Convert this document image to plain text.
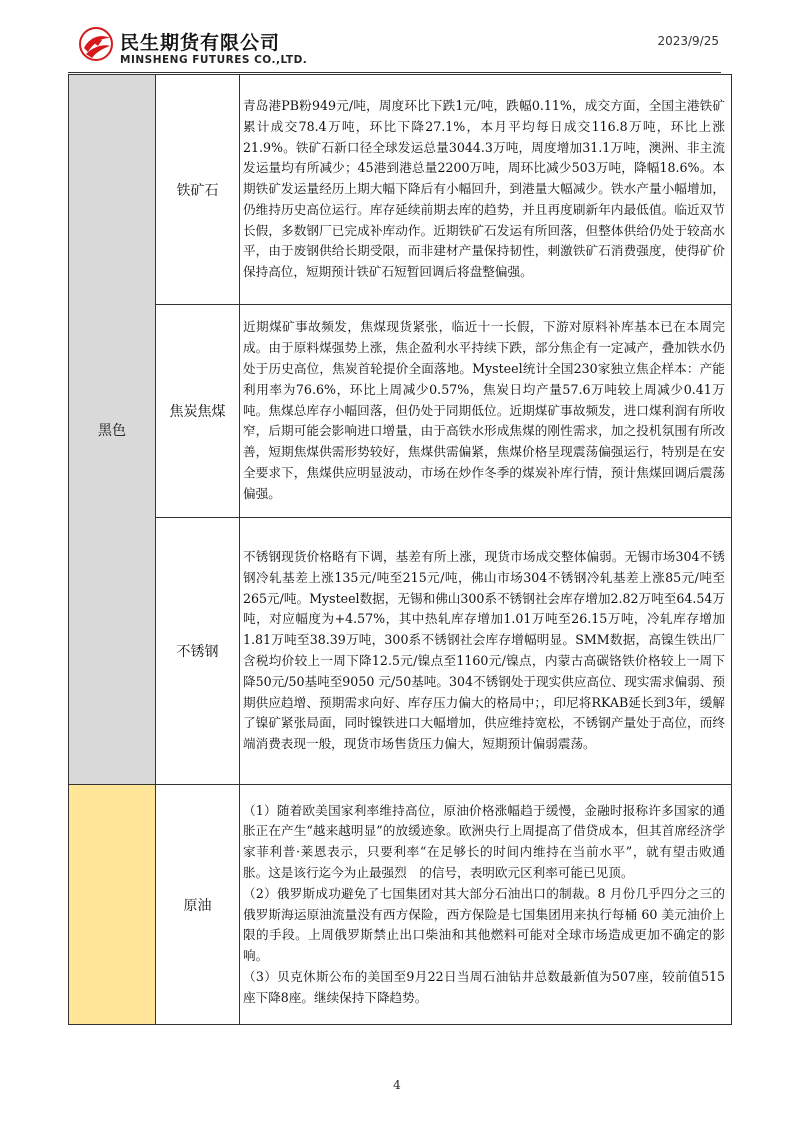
民生期货有限公司
MINSHENG FUTURES CO.,LTD.
2023/9/25
黑色	铁矿石	青岛港PB粉949元/吨，周度环比下跌1元/吨，跌幅0.11%，成交方面，全国主港铁矿累计成交78.4万吨，环比下降27.1%，本月平均每日成交116.8万吨，环比上涨21.9%。铁矿石新口径全球发运总量3044.3万吨，周度增加31.1万吨，澳洲、非主流发运量均有所减少；45港到港总量2200万吨，周环比减少503万吨，降幅18.6%。本期铁矿发运量经历上期大幅下降后有小幅回升，到港量大幅减少。铁水产量小幅增加，仍维持历史高位运行。库存延续前期去库的趋势，并且再度刷新年内最低值。临近双节长假，多数钢厂已完成补库动作。近期铁矿石发运有所回落，但整体供给仍处于较高水平，由于废钢供给长期受限，而非建材产量保持韧性，刺激铁矿石消费强度，使得矿价保持高位，短期预计铁矿石短暂回调后将盘整偏强。

	焦炭焦煤	近期煤矿事故频发，焦煤现货紧张，临近十一长假，下游对原料补库基本已在本周完成。由于原料煤强势上涨，焦企盈利水平持续下跌，部分焦企有一定减产，叠加铁水仍处于历史高位，焦炭首轮提价全面落地。Mysteel统计全国230家独立焦企样本：产能利用率为76.6%，环比上周减少0.57%，焦炭日均产量57.6万吨较上周减少0.41万吨。焦煤总库存小幅回落，但仍处于同期低位。近期煤矿事故频发，进口煤利润有所收窄，后期可能会影响进口增量，由于高铁水形成焦煤的刚性需求，加之投机氛围有所改善，短期焦煤供需形势较好，焦煤供需偏紧，焦煤价格呈现震荡偏强运行，特别是在安全要求下，焦煤供应明显波动，市场在炒作冬季的煤炭补库行情，预计焦煤回调后震荡偏强。

	不锈钢	不锈钢现货价格略有下调，基差有所上涨，现货市场成交整体偏弱。无锡市场304不锈钢冷轧基差上涨135元/吨至215元/吨，佛山市场304不锈钢冷轧基差上涨85元/吨至265元/吨。Mysteel数据，无锡和佛山300系不锈钢社会库存增加2.82万吨至64.54万吨，对应幅度为+4.57%，其中热轧库存增加1.01万吨至26.15万吨，冷轧库存增加1.81万吨至38.39万吨，300系不锈钢社会库存增幅明显。SMM数据，高镍生铁出厂含税均价较上一周下降12.5元/镍点至1160元/镍点，内蒙古高碳铬铁价格较上一周下降50元/50基吨至9050 元/50基吨。304不锈钢处于现实供应高位、现实需求偏弱、预期供应趋增、预期需求向好、库存压力偏大的格局中；，印尼将RKAB延长到3年，缓解了镍矿紧张局面，同时镍铁进口大幅增加，供应维持宽松，不锈钢产量处于高位，而终端消费表现一般，现货市场售货压力偏大，短期预计偏弱震荡。

	原油	（1）随着欧美国家利率维持高位，原油价格涨幅趋于缓慢，金融时报称许多国家的通胀正在产生“越来越明显”的放缓迹象。欧洲央行上周提高了借贷成本，但其首席经济学家菲利普·莱恩表示，只要利率“在足够长的时间内维持在当前水平”，就有望击败通胀。这是该行迄今为止最强烈　的信号，表明欧元区利率可能已见顶。

（2）俄罗斯成功避免了七国集团对其大部分石油出口的制裁。8 月份几乎四分之三的俄罗斯海运原油流量没有西方保险，西方保险是七国集团用来执行每桶 60 美元油价上限的手段。上周俄罗斯禁止出口柴油和其他燃料可能对全球市场造成更加不确定的影响。

（3）贝克休斯公布的美国至9月22日当周石油钻井总数最新值为507座，较前值515座下降8座。继续保持下降趋势。

4
